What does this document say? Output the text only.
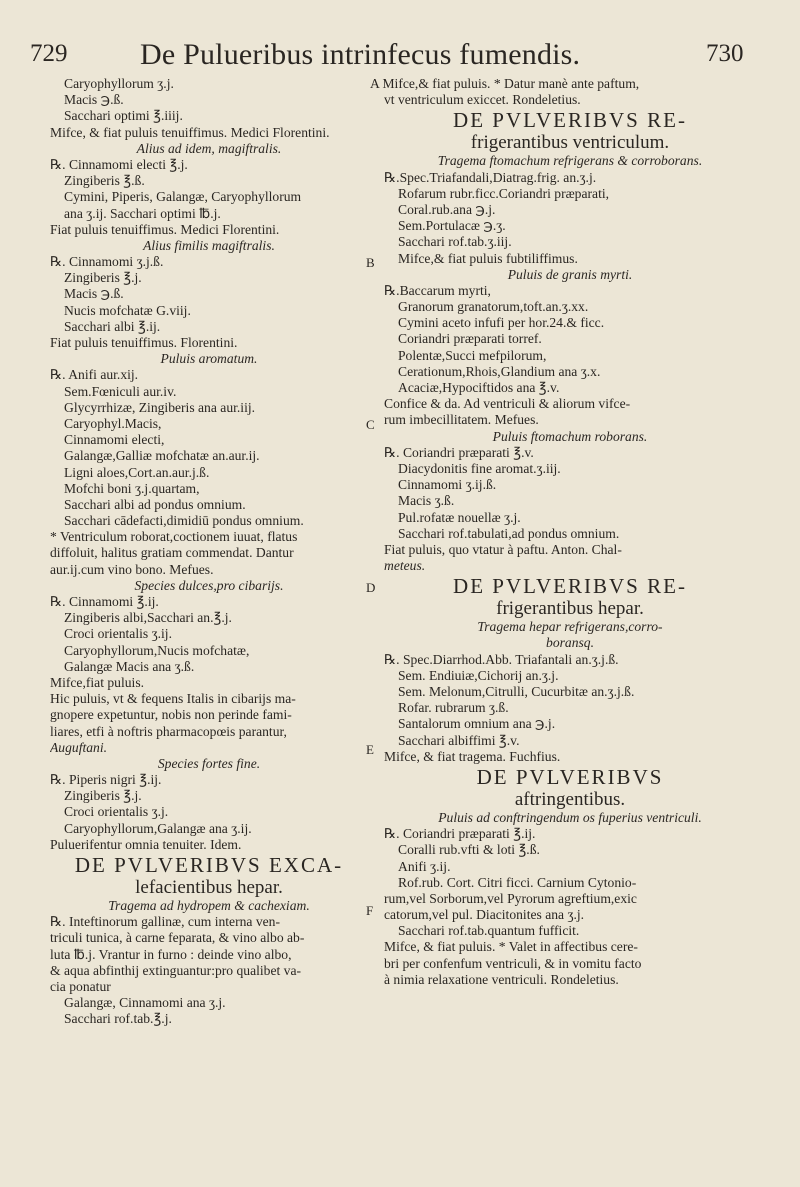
729 De Pulueribus intrinfecus fumendis.	730
Caryophyllorum ʒ.j.
Macis ℈.ß.
Sacchari optimi ℥.iiij.
Mifce, & fiat puluis tenuiffimus. Medici Florentini.
Alius ad idem, magiftralis.
℞. Cinnamomi electi ℥.j.
Zingiberis ℥.ß.
Cymini, Piperis, Galangæ, Caryophyllorum
ana ʒ.ij. Sacchari optimi ℔.j.
Fiat puluis tenuiffimus. Medici Florentini.
Alius fimilis magiftralis.
℞. Cinnamomi ʒ.j.ß.
Zingiberis ℥.j.
Macis ℈.ß.
Nucis mofchatæ G.viij.
Sacchari albi ℥.ij.
Fiat puluis tenuiffimus. Florentini.
Puluis aromatum.
℞. Anifi aur.xij.
Sem.Fœniculi aur.iv.
Glycyrrhizæ, Zingiberis ana aur.iij.
Caryophyl.Macis,
Cinnamomi electi,
Galangæ,Galliæ mofchatæ an.aur.ij.
Ligni aloes,Cort.an.aur.j.ß.
Mofchi boni ʒ.j.quartam,
Sacchari albi ad pondus omnium.
Sacchari cādefacti,dimidiū pondus omnium.
* Ventriculum roborat,coctionem iuuat, flatus
diffoluit, halitus gratiam commendat. Dantur
aur.ij.cum vino bono. Mefues.
Species dulces,pro cibarijs.
℞. Cinnamomi ℥.ij.
Zingiberis albi,Sacchari an.℥.j.
Croci orientalis ʒ.ij.
Caryophyllorum,Nucis mofchatæ,
Galangæ Macis ana ʒ.ß.
Mifce,fiat puluis.
Hic puluis, vt & fequens Italis in cibarijs ma-
gnopere expetuntur, nobis non perinde fami-
liares, etfi à noftris pharmacopœis parantur,
Auguftani.
Species fortes fine.
℞. Piperis nigri ℥.ij.
Zingiberis ℥.j.
Croci orientalis ʒ.j.
Caryophyllorum,Galangæ ana ʒ.ij.
Puluerifentur omnia tenuiter. Idem.
DE PVLVERIBVS EXCA-
lefacientibus hepar.
Tragema ad hydropem & cachexiam.
℞. Inteftinorum gallinæ, cum interna ven-
triculi tunica, à carne feparata, & vino albo ab-
luta ℔.j. Vrantur in furno : deinde vino albo,
& aqua abfinthij extinguantur:pro qualibet va-
cia ponatur
Galangæ, Cinnamomi ana ʒ.j.
Sacchari rof.tab.℥.j.
B
C
D
E
F
A Mifce,& fiat puluis. * Datur manè ante paftum,
vt ventriculum exiccet. Rondeletius.
DE PVLVERIBVS RE-
frigerantibus ventriculum.
Tragema ftomachum refrigerans & corroborans.
℞.Spec.Triafandali,Diatrag.frig. an.ʒ.j.
Rofarum rubr.ficc.Coriandri præparati,
Coral.rub.ana ℈.j.
Sem.Portulacæ ℈.ʒ.
Sacchari rof.tab.ʒ.iij.
Mifce,& fiat puluis fubtiliffimus.
Puluis de granis myrti.
℞.Baccarum myrti,
Granorum granatorum,toft.an.ʒ.xx.
Cymini aceto infufi per hor.24.& ficc.
Coriandri præparati torref.
Polentæ,Succi mefpilorum,
Cerationum,Rhois,Glandium ana ʒ.x.
Acaciæ,Hypociftidos ana ℥.v.
Confice & da. Ad ventriculi & aliorum vifce-
rum imbecillitatem. Mefues.
Puluis ftomachum roborans.
℞. Coriandri præparati ℥.v.
Diacydonitis fine aromat.ʒ.iij.
Cinnamomi ʒ.ij.ß.
Macis ʒ.ß.
Pul.rofatæ nouellæ ʒ.j.
Sacchari rof.tabulati,ad pondus omnium.
Fiat puluis, quo vtatur à paftu. Anton. Chal-
meteus.
DE PVLVERIBVS RE-
frigerantibus hepar.
Tragema hepar refrigerans,corro-
boransq.
℞. Spec.Diarrhod.Abb. Triafantali an.ʒ.j.ß.
Sem. Endiuiæ,Cichorij an.ʒ.j.
Sem. Melonum,Citrulli, Cucurbitæ an.ʒ.j.ß.
Rofar. rubrarum ʒ.ß.
Santalorum omnium ana ℈.j.
Sacchari albiffimi ℥.v.
Mifce, & fiat tragema. Fuchfius.
DE PVLVERIBVS
aftringentibus.
Puluis ad conftringendum os fuperius ventriculi.
℞. Coriandri præparati ℥.ij.
Coralli rub.vfti & loti ℥.ß.
Anifi ʒ.ij.
Rof.rub. Cort. Citri ficci. Carnium Cytonio-
rum,vel Sorborum,vel Pyrorum agreftium,exic
catorum,vel pul. Diacitonites ana ʒ.j.
Sacchari rof.tab.quantum fufficit.
Mifce, & fiat puluis. * Valet in affectibus cere-
bri per confenfum ventriculi, & in vomitu facto
à nimia relaxatione ventriculi. Rondeletius.
